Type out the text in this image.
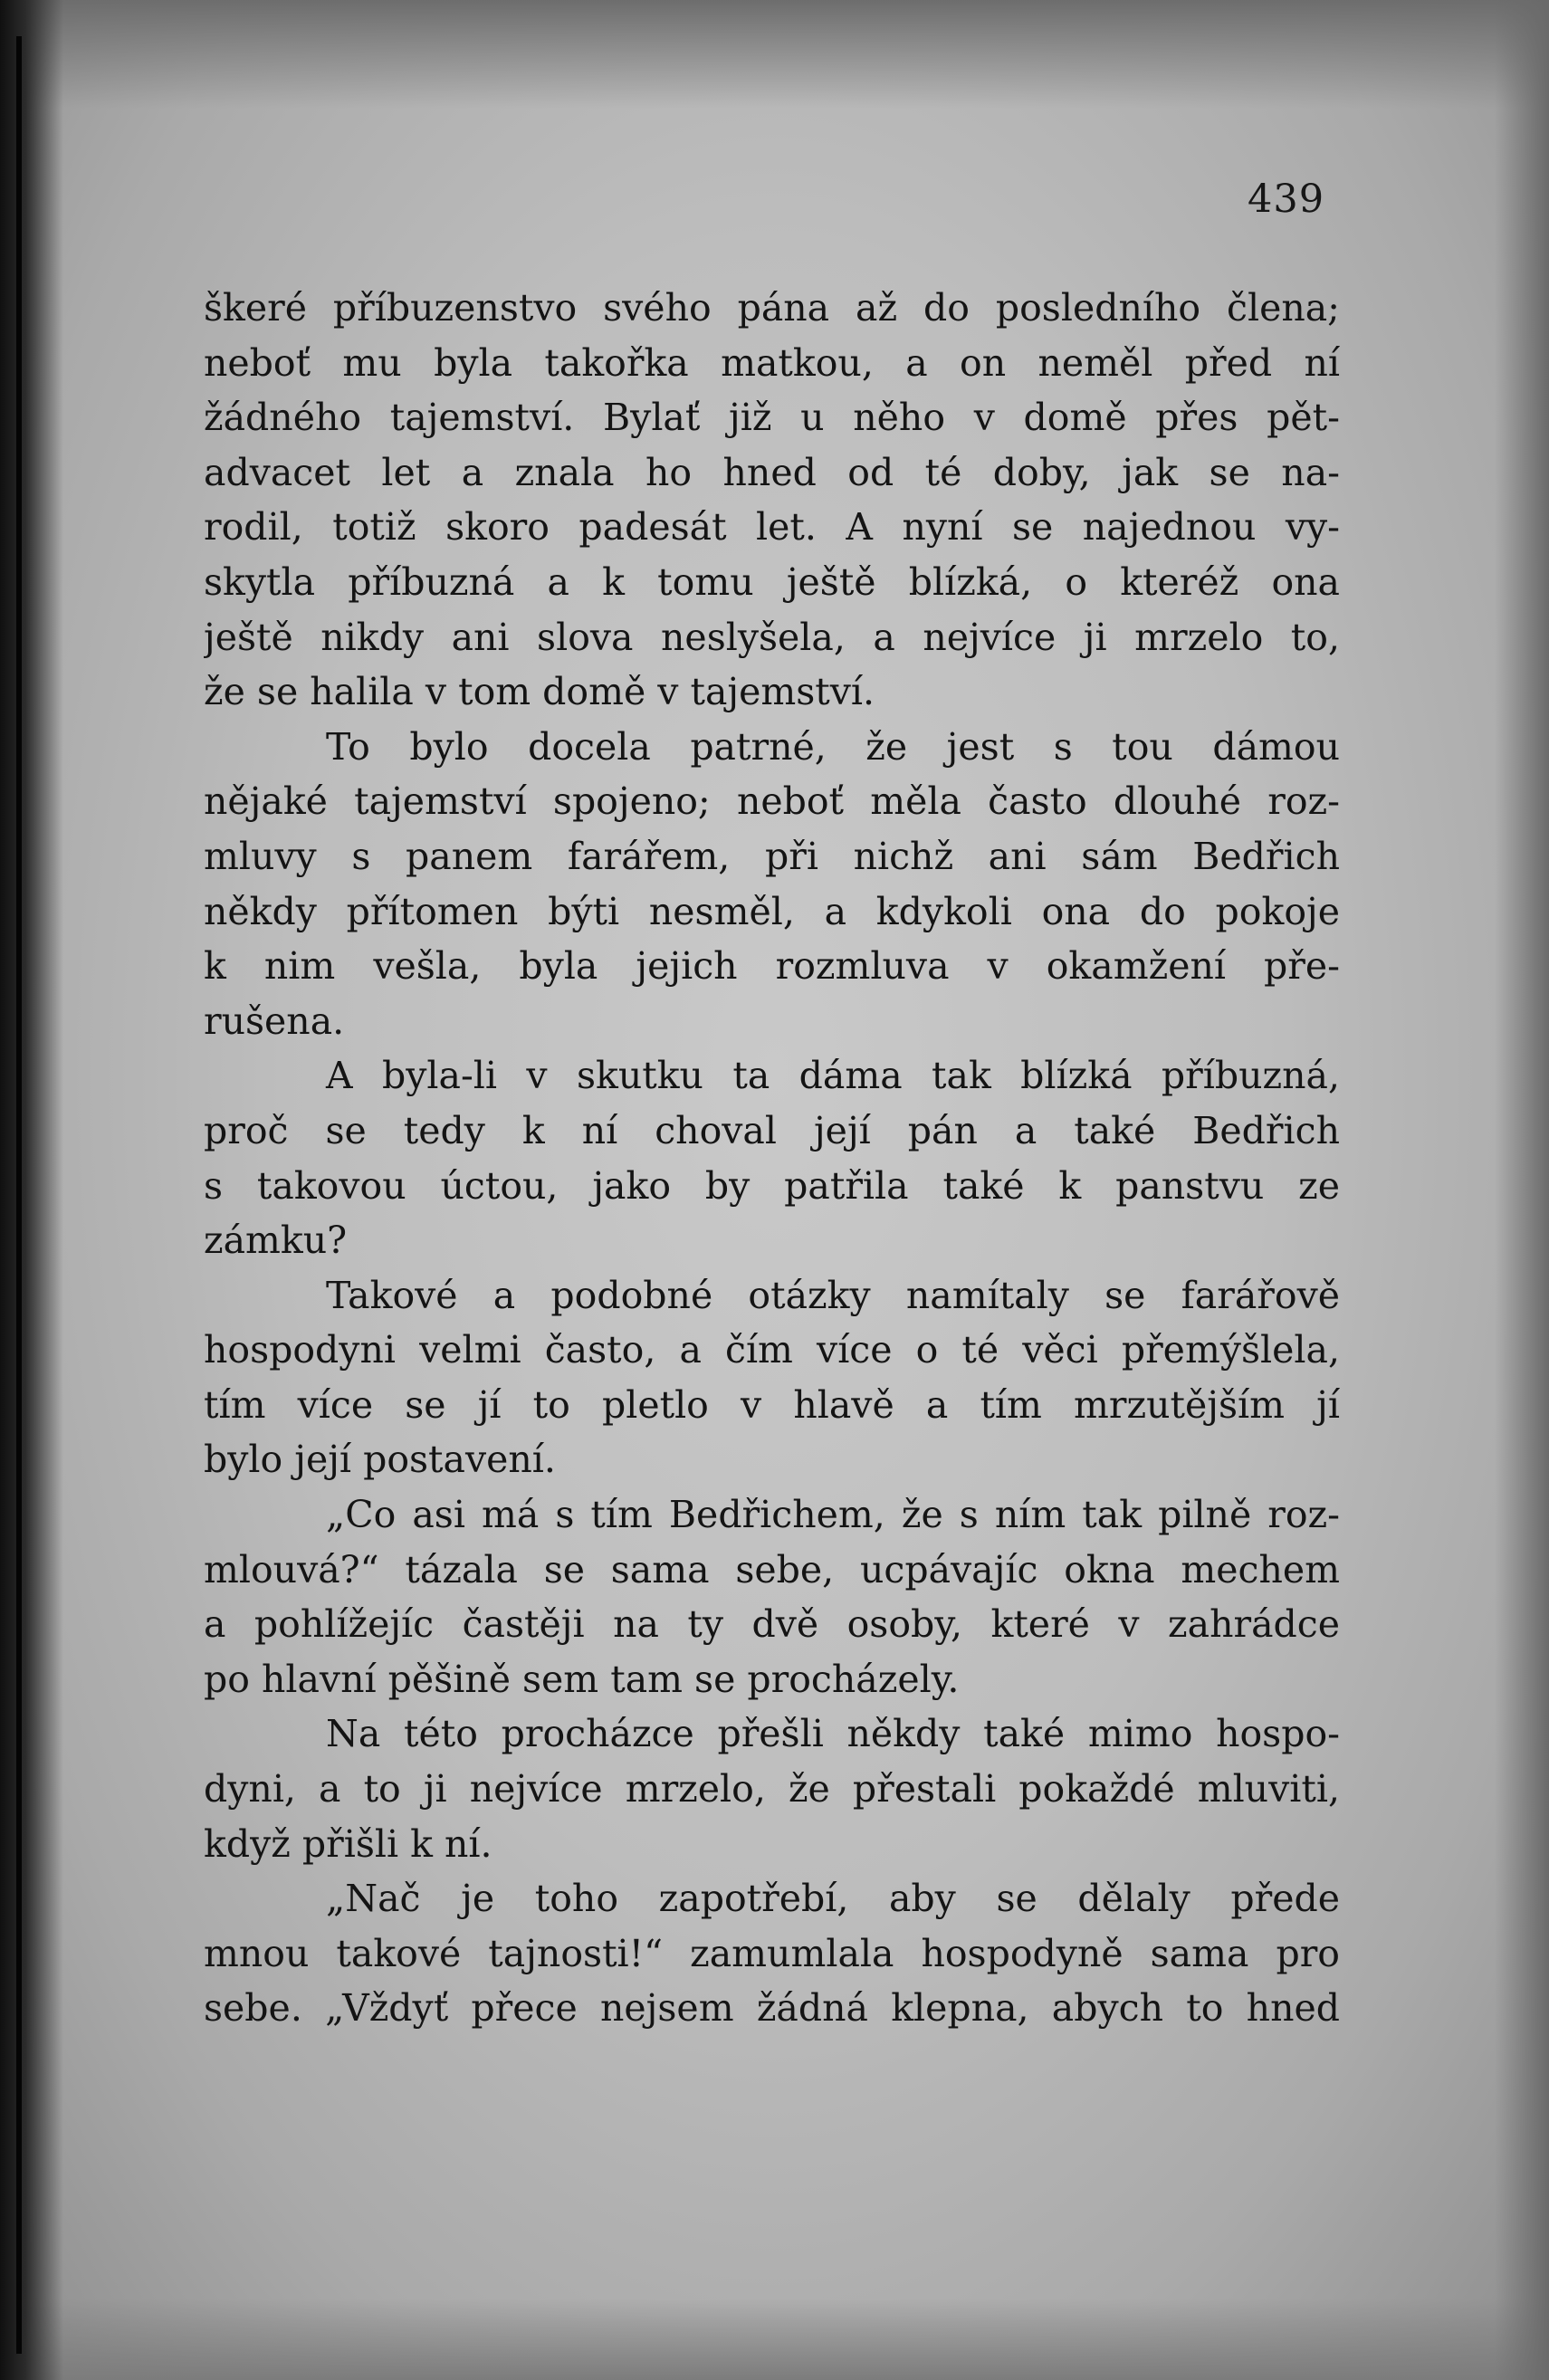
439
škeré příbuzenstvo svého pána až do posledního člena;
neboť mu byla takořka matkou, a on neměl před ní
žádného tajemství. Bylať již u něho v domě přes pět-
advacet let a znala ho hned od té doby, jak se na-
rodil, totiž skoro padesát let. A nyní se najednou vy-
skytla příbuzná a k tomu ještě blízká, o kteréž ona
ještě nikdy ani slova neslyšela, a nejvíce ji mrzelo to,
že se halila v tom domě v tajemství.
To bylo docela patrné, že jest s tou dámou
nějaké tajemství spojeno; neboť měla často dlouhé roz-
mluvy s panem farářem, při nichž ani sám Bedřich
někdy přítomen býti nesměl, a kdykoli ona do pokoje
k nim vešla, byla jejich rozmluva v okamžení pře-
rušena.
A byla-li v skutku ta dáma tak blízká příbuzná,
proč se tedy k ní choval její pán a také Bedřich
s takovou úctou, jako by patřila také k panstvu ze
zámku?
Takové a podobné otázky namítaly se farářově
hospodyni velmi často, a čím více o té věci přemýšlela,
tím více se jí to pletlo v hlavě a tím mrzutějším jí
bylo její postavení.
„Co asi má s tím Bedřichem, že s ním tak pilně roz-
mlouvá?“ tázala se sama sebe, ucpávajíc okna mechem
a pohlížejíc častěji na ty dvě osoby, které v zahrádce
po hlavní pěšině sem tam se procházely.
Na této procházce přešli někdy také mimo hospo-
dyni, a to ji nejvíce mrzelo, že přestali pokaždé mluviti,
když přišli k ní.
„Nač je toho zapotřebí, aby se dělaly přede
mnou takové tajnosti!“ zamumlala hospodyně sama pro
sebe. „Vždyť přece nejsem žádná klepna, abych to hned
